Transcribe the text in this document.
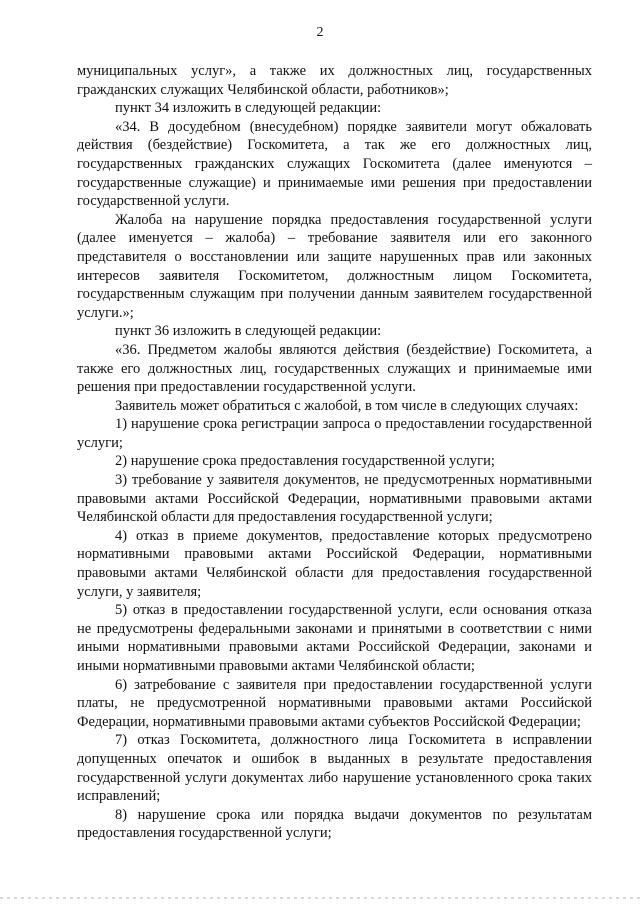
2

муниципальных услуг», а также их должностных лиц, государственных гражданских служащих Челябинской области, работников»;

пункт 34 изложить в следующей редакции:

«34. В досудебном (внесудебном) порядке заявители могут обжаловать действия (бездействие) Госкомитета, а так же его должностных лиц, государственных гражданских служащих Госкомитета (далее именуются – государственные служащие) и принимаемые ими решения при предоставлении государственной услуги.

Жалоба на нарушение порядка предоставления государственной услуги (далее именуется – жалоба) – требование заявителя или его законного представителя о восстановлении или защите нарушенных прав или законных интересов заявителя Госкомитетом, должностным лицом Госкомитета, государственным служащим при получении данным заявителем государственной услуги.»;

пункт 36 изложить в следующей редакции:

«36. Предметом жалобы являются действия (бездействие) Госкомитета, а также его должностных лиц, государственных служащих и принимаемые ими решения при предоставлении государственной услуги.

Заявитель может обратиться с жалобой, в том числе в следующих случаях:

1) нарушение срока регистрации запроса о предоставлении государственной услуги;

2) нарушение срока предоставления государственной услуги;

3) требование у заявителя документов, не предусмотренных нормативными правовыми актами Российской Федерации, нормативными правовыми актами Челябинской области для предоставления государственной услуги;

4) отказ в приеме документов, предоставление которых предусмотрено нормативными правовыми актами Российской Федерации, нормативными правовыми актами Челябинской области для предоставления государственной услуги, у заявителя;

5) отказ в предоставлении государственной услуги, если основания отказа не предусмотрены федеральными законами и принятыми в соответствии с ними иными нормативными правовыми актами Российской Федерации, законами и иными нормативными правовыми актами Челябинской области;

6) затребование с заявителя при предоставлении государственной услуги платы, не предусмотренной нормативными правовыми актами Российской Федерации, нормативными правовыми актами субъектов Российской Федерации;

7) отказ Госкомитета, должностного лица Госкомитета в исправлении допущенных опечаток и ошибок в выданных в результате предоставления государственной услуги документах либо нарушение установленного срока таких исправлений;

8) нарушение срока или порядка выдачи документов по результатам предоставления государственной услуги;
